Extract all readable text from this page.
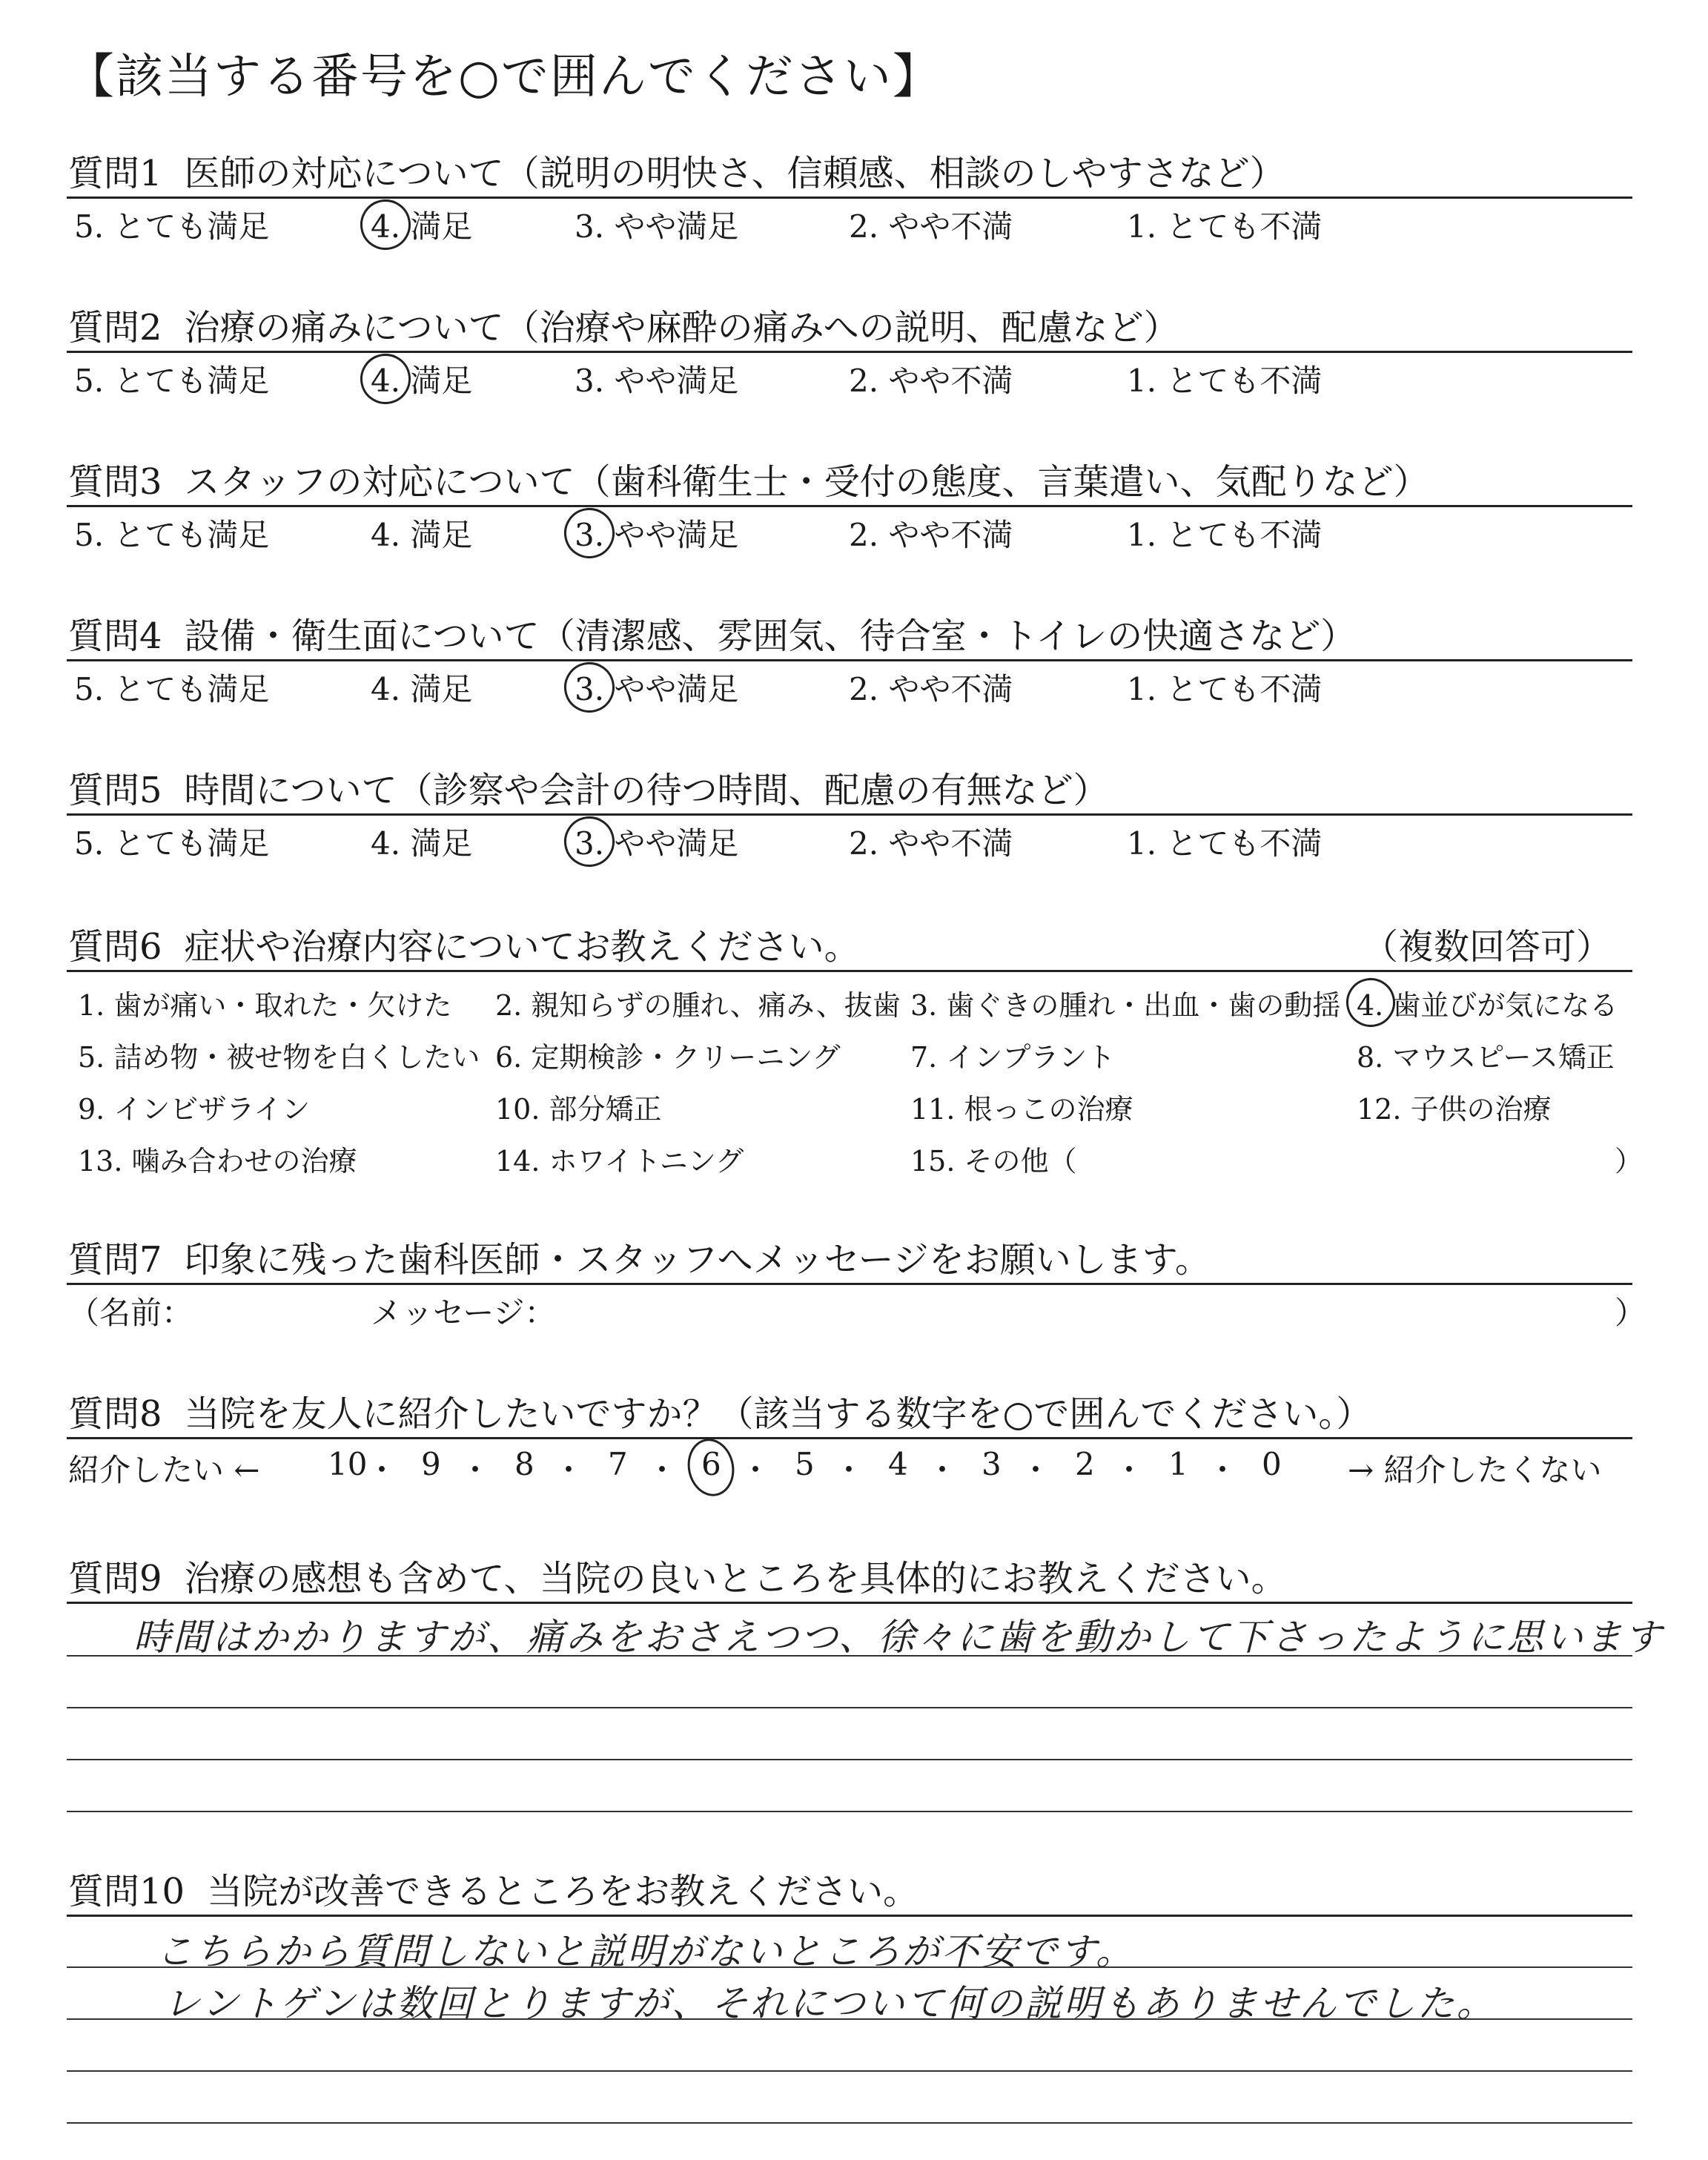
【該当する番号を○で囲んでください】
質問1 医師の対応について（説明の明快さ、信頼感、相談のしやすさなど）
5. とても満足	4. 満足	3. やや満足	2. やや不満	1. とても不満
質問2 治療の痛みについて（治療や麻酔の痛みへの説明、配慮など）
5. とても満足	4. 満足	3. やや満足	2. やや不満	1. とても不満
質問3 スタッフの対応について（歯科衛生士・受付の態度、言葉遣い、気配りなど）
5. とても満足	4. 満足	3. やや満足	2. やや不満	1. とても不満
質問4 設備・衛生面について（清潔感、雰囲気、待合室・トイレの快適さなど）
5. とても満足	4. 満足	3. やや満足	2. やや不満	1. とても不満
質問5 時間について（診察や会計の待つ時間、配慮の有無など）
5. とても満足	4. 満足	3. やや満足	2. やや不満	1. とても不満
質問6 症状や治療内容についてお教えください。	（複数回答可）
1. 歯が痛い・取れた・欠けた 2. 親知らずの腫れ、痛み、抜歯 3. 歯ぐきの腫れ・出血・歯の動揺 4. 歯並びが気になる
5. 詰め物・被せ物を白くしたい 6. 定期検診・クリーニング 7. インプラント	8. マウスピース矯正
9. インビザライン	10. 部分矯正	11. 根っこの治療	12. 子供の治療
13. 噛み合わせの治療	14. ホワイトニング	15. その他（	）
質問7 印象に残った歯科医師・スタッフへメッセージをお願いします。
（名前：	メッセージ：	）
質問8 当院を友人に紹介したいですか？（該当する数字を○で囲んでください。）
紹介したい ←	→ 紹介したくない
10
・ 9 ・ 8 ・ 7 ・ 6 ・ 5 ・ 4 ・ 3 ・ 2 ・ 1 ・ 0
質問9 治療の感想も含めて、当院の良いところを具体的にお教えください。
時間はかかりますが、痛みをおさえつつ、徐々に歯を動かして下さったように思います
質問10 当院が改善できるところをお教えください。
こちらから質問しないと説明がないところが不安です。
レントゲンは数回とりますが、それについて何の説明もありませんでした。
